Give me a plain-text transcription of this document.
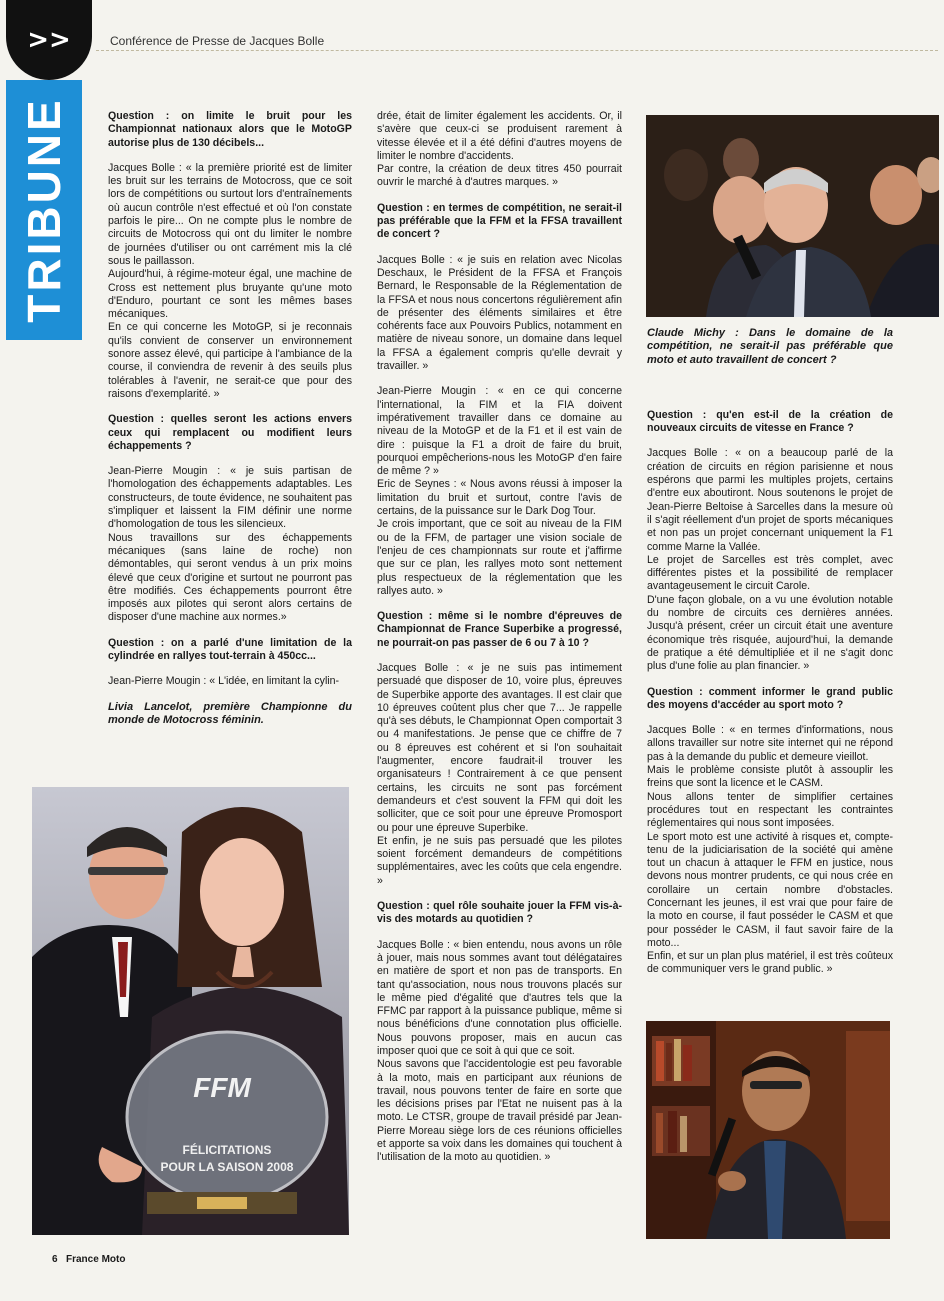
>>
TRIBUNE
Conférence de Presse de Jacques Bolle

Question : on limite le bruit pour les Championnat nationaux alors que le MotoGP autorise plus de 130 décibels...

Jacques Bolle : « la première priorité est de limiter les bruit sur les terrains de Motocross, que ce soit lors de compétitions ou surtout lors d'entraînements où aucun contrôle n'est effectué et où l'on constate parfois le pire... On ne compte plus le nombre de circuits de Motocross qui ont du limiter le nombre de journées d'utiliser ou ont carrément mis la clé sous le paillasson.
Aujourd'hui, à régime-moteur égal, une machine de Cross est nettement plus bruyante qu'une moto d'Enduro, pourtant ce sont les mêmes bases mécaniques.
En ce qui concerne les MotoGP, si je reconnais qu'ils convient de conserver un environnement sonore assez élevé, qui participe à l'ambiance de la course, il conviendra de revenir à des seuils plus tolérables à l'avenir, ne serait-ce que pour des raisons d'exemplarité. »

Question : quelles seront les actions envers ceux qui remplacent ou modifient leurs échappements ?

Jean-Pierre Mougin : « je suis partisan de l'homologation des échappements adaptables. Les constructeurs, de toute évidence, ne souhaitent pas s'impliquer et laissent la FIM définir une norme d'homologation de tous les silencieux.
Nous travaillons sur des échappements mécaniques (sans laine de roche) non démontables, qui seront vendus à un prix moins élevé que ceux d'origine et surtout ne pourront pas être modifiés. Ces échappements pourront être imposés aux pilotes qui seront alors certains de disposer d'une machine aux normes.»

Question : on a parlé d'une limitation de la cylindrée en rallyes tout-terrain à 450cc...

Jean-Pierre Mougin : « L'idée, en limitant la cylin-

Livia Lancelot, première Championne du monde de Motocross féminin.

FFM
FÉLICITATIONS
POUR LA SAISON 2008

drée, était de limiter également les accidents. Or, il s'avère que ceux-ci se produisent rarement à vitesse élevée et il a été défini d'autres moyens de limiter le nombre d'accidents.
Par contre, la création de deux titres 450 pourrait ouvrir le marché à d'autres marques. »

Question : en termes de compétition, ne serait-il pas préférable que la FFM et la FFSA travaillent de concert ?

Jacques Bolle : « je suis en relation avec Nicolas Deschaux, le Président de la FFSA et François Bernard, le Responsable de la Réglementation de la FFSA et nous nous concertons régulièrement afin de présenter des éléments similaires et être cohérents face aux Pouvoirs Publics, notamment en matière de niveau sonore, un domaine dans lequel la FFSA a également compris qu'elle devrait y travailler. »

Jean-Pierre Mougin : « en ce qui concerne l'international, la FIM et la FIA doivent impérativement travailler dans ce domaine au niveau de la MotoGP et de la F1 et il est vain de dire : puisque la F1 a droit de faire du bruit, pourquoi empêcherions-nous les MotoGP d'en faire de même ? »
Eric de Seynes : « Nous avons réussi à imposer la limitation du bruit et surtout, contre l'avis de certains, de la puissance sur le Dark Dog Tour.
Je crois important, que ce soit au niveau de la FIM ou de la FFM, de partager une vision sociale de l'enjeu de ces championnats sur route et j'affirme que sur ce plan, les rallyes moto sont nettement plus respectueux de la réglementation que les rallyes auto. »

Question : même si le nombre d'épreuves de Championnat de France Superbike a progressé, ne pourrait-on pas passer de 6 ou 7 à 10 ?

Jacques Bolle : « je ne suis pas intimement persuadé que disposer de 10, voire plus, épreuves de Superbike apporte des avantages. Il est clair que 10 épreuves coûtent plus cher que 7... Je rappelle qu'à ses débuts, le Championnat Open comportait 3 ou 4 manifestations. Je pense que ce chiffre de 7 ou 8 épreuves est cohérent et si l'on souhaitait l'augmenter, encore faudrait-il trouver les organisateurs ! Contrairement à ce que pensent certains, les circuits ne sont pas forcément demandeurs et c'est souvent la FFM qui doit les solliciter, que ce soit pour une épreuve Promosport ou pour une épreuve Superbike.
Et enfin, je ne suis pas persuadé que les pilotes soient forcément demandeurs de compétitions supplémentaires, avec les coûts que cela engendre. »

Question : quel rôle souhaite jouer la FFM vis-à-vis des motards au quotidien ?

Jacques Bolle : « bien entendu, nous avons un rôle à jouer, mais nous sommes avant tout délégataires en matière de sport et non pas de transports. En tant qu'association, nous nous trouvons placés sur le même pied d'égalité que d'autres tels que la FFMC par rapport à la puissance publique, même si nous bénéficions d'une connotation plus officielle. Nous pouvons proposer, mais en aucun cas imposer quoi que ce soit à qui que ce soit.
Nous savons que l'accidentologie est peu favorable à la moto, mais en participant aux réunions de travail, nous pouvons tenter de faire en sorte que les décisions prises par l'Etat ne nuisent pas à la moto. Le CTSR, groupe de travail présidé par Jean-Pierre Moreau siège lors de ces réunions officielles et apporte sa voix dans les domaines qui touchent à l'utilisation de la moto au quotidien. »

Claude Michy : Dans le domaine de la compétition, ne serait-il pas préférable que moto et auto travaillent de concert ?

Question : qu'en est-il de la création de nouveaux circuits de vitesse en France ?

Jacques Bolle : « on a beaucoup parlé de la création de circuits en région parisienne et nous espérons que parmi les multiples projets, certains d'entre eux aboutiront. Nous soutenons le projet de Jean-Pierre Beltoise à Sarcelles dans la mesure où il s'agit réellement d'un projet de sports mécaniques et non pas un projet concernant uniquement la F1 comme Marne la Vallée.
Le projet de Sarcelles est très complet, avec différentes pistes et la possibilité de remplacer avantageusement le circuit Carole.
D'une façon globale, on a vu une évolution notable du nombre de circuits ces dernières années. Jusqu'à présent, créer un circuit était une aventure économique très risquée, aujourd'hui, la demande de pratique a été démultipliée et il ne s'agit donc plus d'une folie au plan financier. »

Question : comment informer le grand public des moyens d'accéder au sport moto ?

Jacques Bolle : « en termes d'informations, nous allons travailler sur notre site internet qui ne répond pas à la demande du public et demeure vieillot.
Mais le problème consiste plutôt à assouplir les freins que sont la licence et le CASM.
Nous allons tenter de simplifier certaines procédures tout en respectant les contraintes réglementaires qui nous sont imposées.
Le sport moto est une activité à risques et, compte-tenu de la judiciarisation de la société qui amène tout un chacun à attaquer le FFM en justice, nous devons nous montrer prudents, ce qui nous crée en corollaire un certain nombre d'obstacles. Concernant les jeunes, il est vrai que pour faire de la moto en course, il faut posséder le CASM et que pour posséder le CASM, il faut savoir faire de la moto...
Enfin, et sur un plan plus matériel, il est très coûteux de communiquer vers le grand public. »

6 France Moto
